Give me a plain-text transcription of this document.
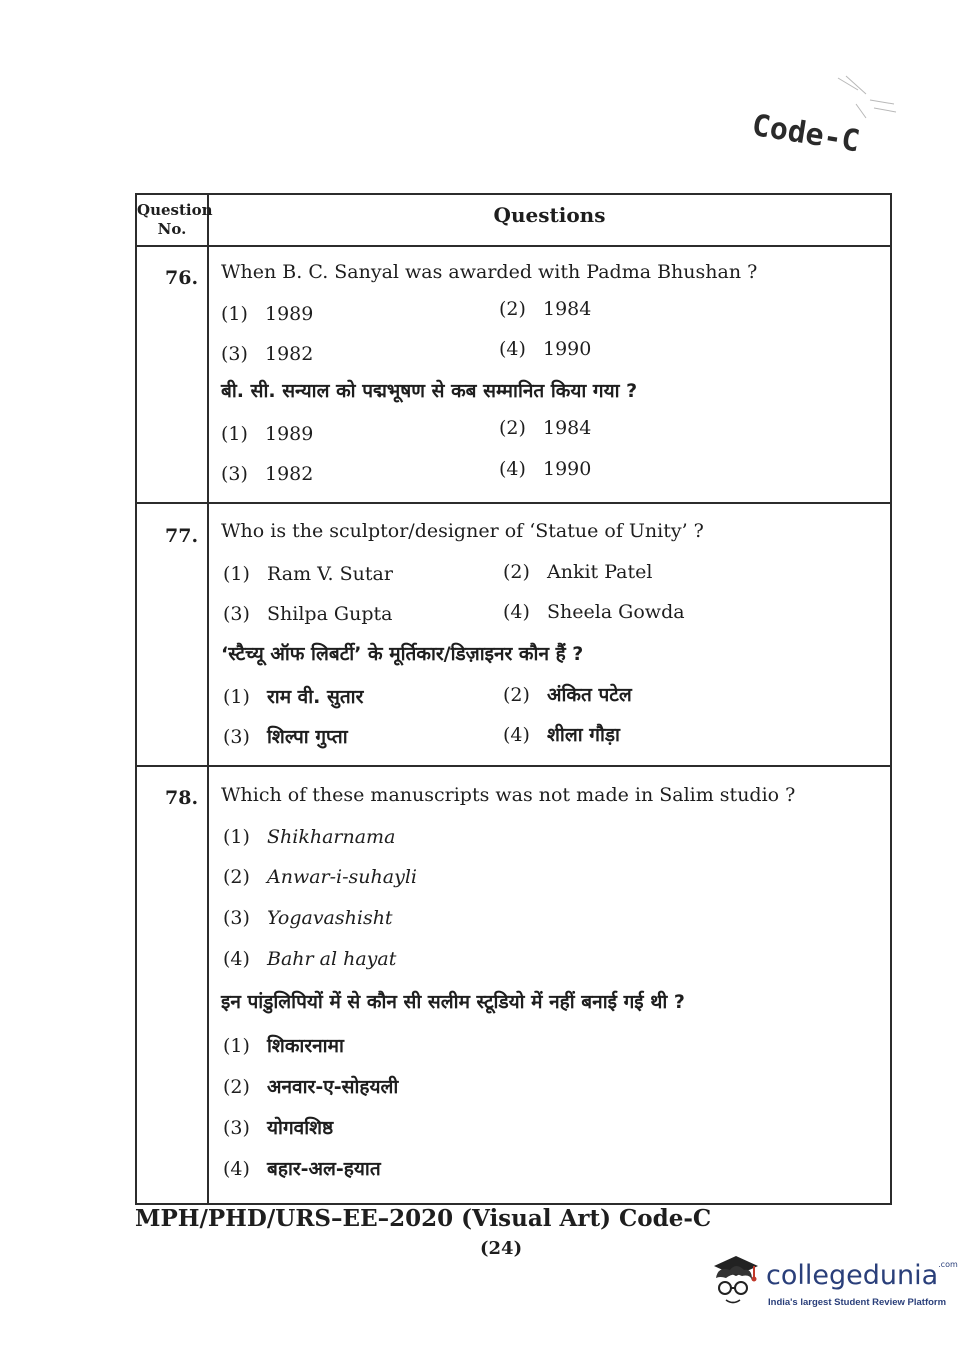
Code-C
Question
No.
Questions
76. When B. C. Sanyal was awarded with Padma Bhushan ?
(1) 1989	(2) 1984
(3) 1982	(4) 1990
बी. सी. सन्याल को पद्मभूषण से कब सम्मानित किया गया ?
(1) 1989	(2) 1984
(3) 1982	(4) 1990
77. Who is the sculptor/designer of ‘Statue of Unity’ ?
(1) Ram V. Sutar	(2) Ankit Patel
(3) Shilpa Gupta	(4) Sheela Gowda
‘स्टैच्यू ऑफ लिबर्टी’ के मूर्तिकार/डिज़ाइनर कौन हैं ?
(1) राम वी. सुतार	(2) अंकित पटेल
(3) शिल्पा गुप्ता	(4) शीला गौड़ा
78. Which of these manuscripts was not made in Salim studio ?
(1) Shikharnama
(2) Anwar-i-suhayli
(3) Yogavashisht
(4) Bahr al hayat
इन पांडुलिपियों में से कौन सी सलीम स्टूडियो में नहीं बनाई गई थी ?
(1) शिकारनामा
(2) अनवार-ए-सोहयली
(3) योगवशिष्ठ
(4) बहार-अल-हयात
MPH/PHD/URS–EE–2020 (Visual Art) Code-C
(24)
collegedunia$^{.com}$
India's largest Student Review Platform
